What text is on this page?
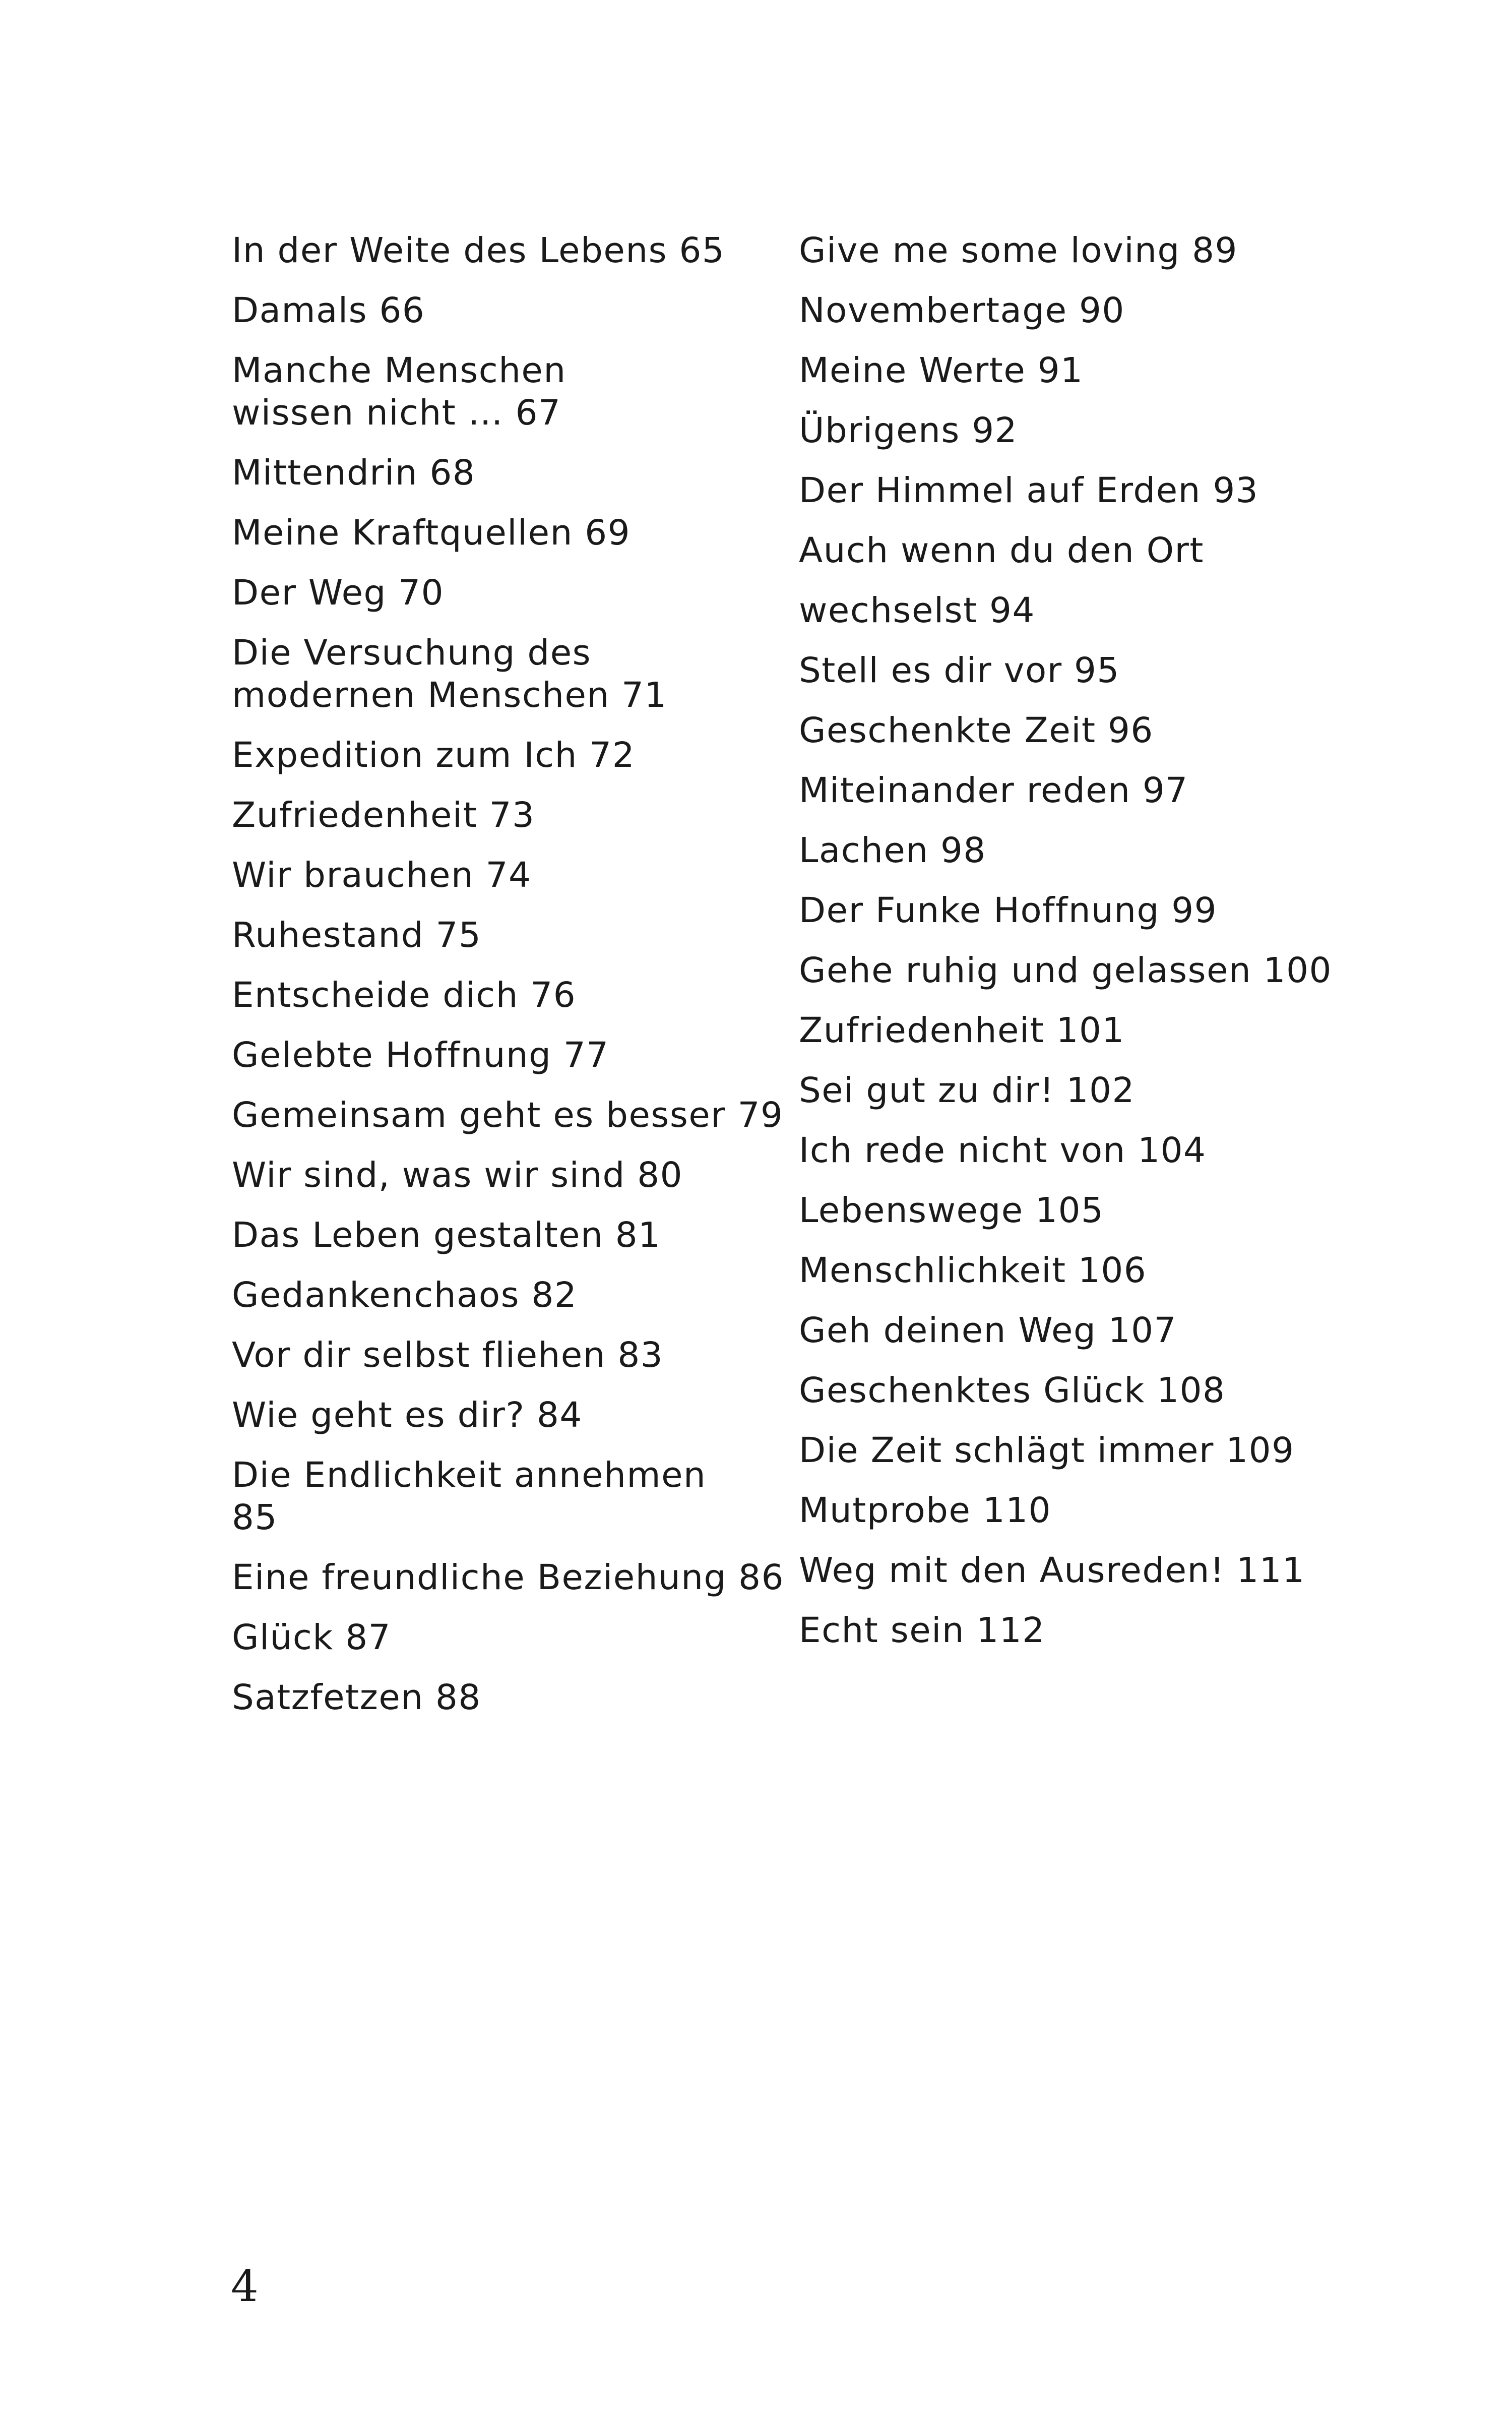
In der Weite des Lebens 65
Damals 66
Manche Menschen wissen nicht … 67
Mittendrin 68
Meine Kraftquellen 69
Der Weg 70
Die Versuchung des modernen Menschen 71
Expedition zum Ich 72
Zufriedenheit 73
Wir brauchen 74
Ruhestand 75
Entscheide dich 76
Gelebte Hoffnung 77
Gemeinsam geht es besser 79
Wir sind, was wir sind 80
Das Leben gestalten 81
Gedankenchaos 82
Vor dir selbst fliehen 83
Wie geht es dir? 84
Die Endlichkeit annehmen 85
Eine freundliche Beziehung 86
Glück 87
Satzfetzen 88
Give me some loving 89
Novembertage 90
Meine Werte 91
Übrigens 92
Der Himmel auf Erden 93
Auch wenn du den Ort
wechselst 94
Stell es dir vor 95
Geschenkte Zeit 96
Miteinander reden 97
Lachen 98
Der Funke Hoffnung 99
Gehe ruhig und gelassen 100
Zufriedenheit 101
Sei gut zu dir! 102
Ich rede nicht von 104
Lebenswege 105
Menschlichkeit 106
Geh deinen Weg 107
Geschenktes Glück 108
Die Zeit schlägt immer 109
Mutprobe 110
Weg mit den Ausreden! 111
Echt sein 112
4
